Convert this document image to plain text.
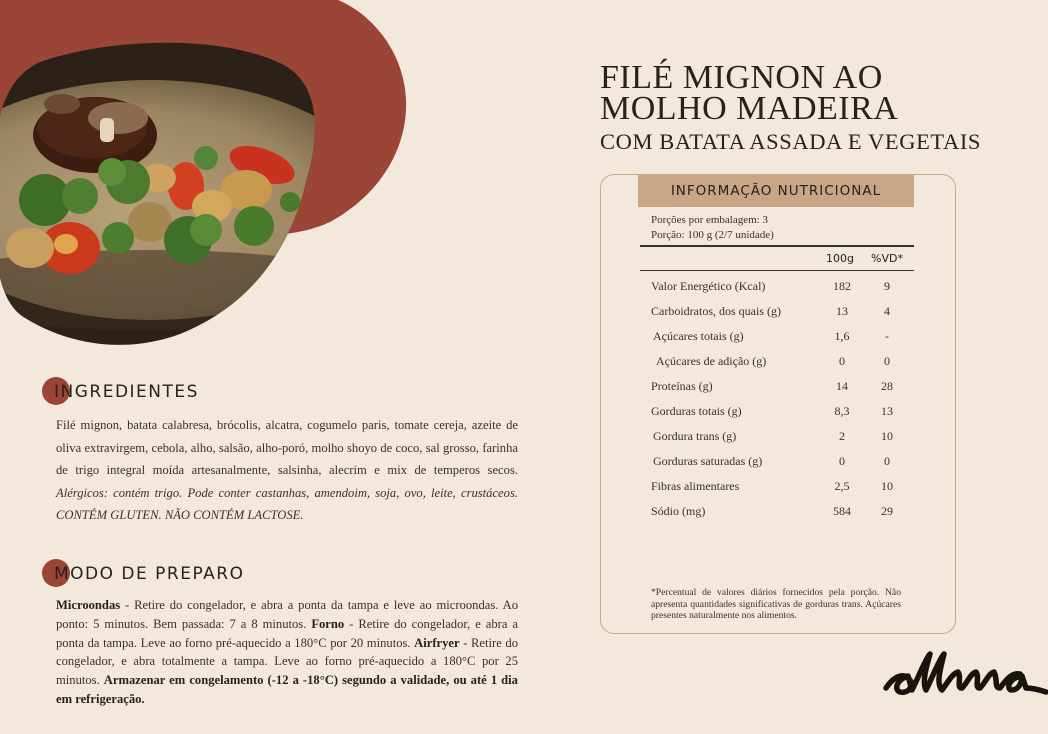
INGREDIENTES

Filé mignon, batata calabresa, brócolis, alcatra, cogumelo paris, tomate cereja, azeite de oliva extravirgem, cebola, alho, salsão, alho-poró, molho shoyo de coco, sal grosso, farinha de trigo integral moída artesanalmente, salsinha, alecrim e mix de temperos secos. Alérgicos: contém trigo. Pode conter castanhas, amendoim, soja, ovo, leite, crustáceos. CONTÉM GLUTEN. NÃO CONTÉM LACTOSE.

MODO DE PREPARO

Microondas - Retire do congelador, e abra a ponta da tampa e leve ao microondas. Ao ponto: 5 minutos. Bem passada: 7 a 8 minutos. Forno - Retire do congelador, e abra a ponta da tampa. Leve ao forno pré-aquecido a 180°C por 20 minutos. Airfryer - Retire do congelador, e abra totalmente a tampa. Leve ao forno pré-aquecido a 180°C por 25 minutos. Armazenar em congelamento (-12 a -18°C) segundo a validade, ou até 1 dia em refrigeração.

FILÉ MIGNON AO
MOLHO MADEIRA
COM BATATA ASSADA E VEGETAIS
INFORMAÇÃO NUTRICIONAL
Porções por embalagem: 3
Porção: 100 g (2/7 unidade)
100g %VD*
Valor Energético (Kcal)	182	9
Carboidratos, dos quais (g)	13	4
Açúcares totais (g)	1,6	-
Açúcares de adição (g)	0	0
Proteínas (g)	14	28
Gorduras totais (g)	8,3	13
Gordura trans (g)	2	10
Gorduras saturadas (g)	0	0
Fibras alimentares	2,5	10
Sódio (mg)	584	29
*Percentual de valores diários fornecidos pela porção. Não apresenta quantidades significativas de gorduras trans. Açúcares presentes naturalmente nos alimentos.
